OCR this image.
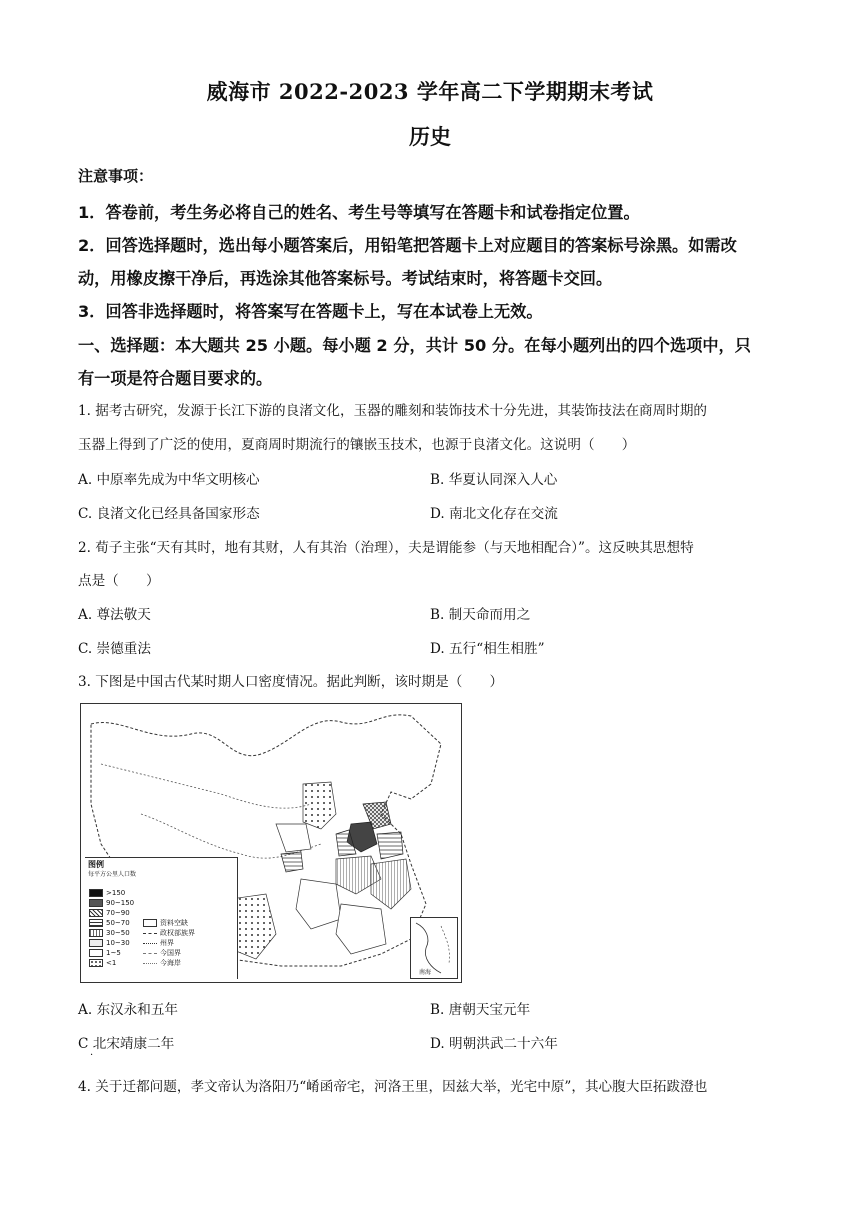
威海市 2022-2023 学年高二下学期期末考试
历史
注意事项：
1．答卷前，考生务必将自己的姓名、考生号等填写在答题卡和试卷指定位置。
2．回答选择题时，选出每小题答案后，用铅笔把答题卡上对应题目的答案标号涂黑。如需改
动，用橡皮擦干净后，再选涂其他答案标号。考试结束时，将答题卡交回。
3．回答非选择题时，将答案写在答题卡上，写在本试卷上无效。
一、选择题：本大题共 25 小题。每小题 2 分，共计 50 分。在每小题列出的四个选项中，只
有一项是符合题目要求的。
1. 据考古研究，发源于长江下游的良渚文化，玉器的雕刻和装饰技术十分先进，其装饰技法在商周时期的
玉器上得到了广泛的使用，夏商周时期流行的镶嵌玉技术，也源于良渚文化。这说明（　　）
A. 中原率先成为中华文明核心	B. 华夏认同深入人心
C. 良渚文化已经具备国家形态	D. 南北文化存在交流
2. 荀子主张“天有其时，地有其财，人有其治（治理），夫是谓能参（与天地相配合）”。这反映其思想特
点是（　　）
A. 尊法敬天	B. 制天命而用之
C. 崇德重法	D. 五行“相生相胜”
3. 下图是中国古代某时期人口密度情况。据此判断，该时期是（　　）
图例
每平方公里人口数
>150
90~150
70~90
50~70
30~50
10~30
1~5
<1
资料空缺
政权部族界
州界
今国界
今海岸
南海
A. 东汉永和五年	B. 唐朝天宝元年
C 北宋靖康二年	D. 明朝洪武二十六年
·
4. 关于迁都问题，孝文帝认为洛阳乃“崤函帝宅，河洛王里，因兹大举，光宅中原”，其心腹大臣拓跋澄也
